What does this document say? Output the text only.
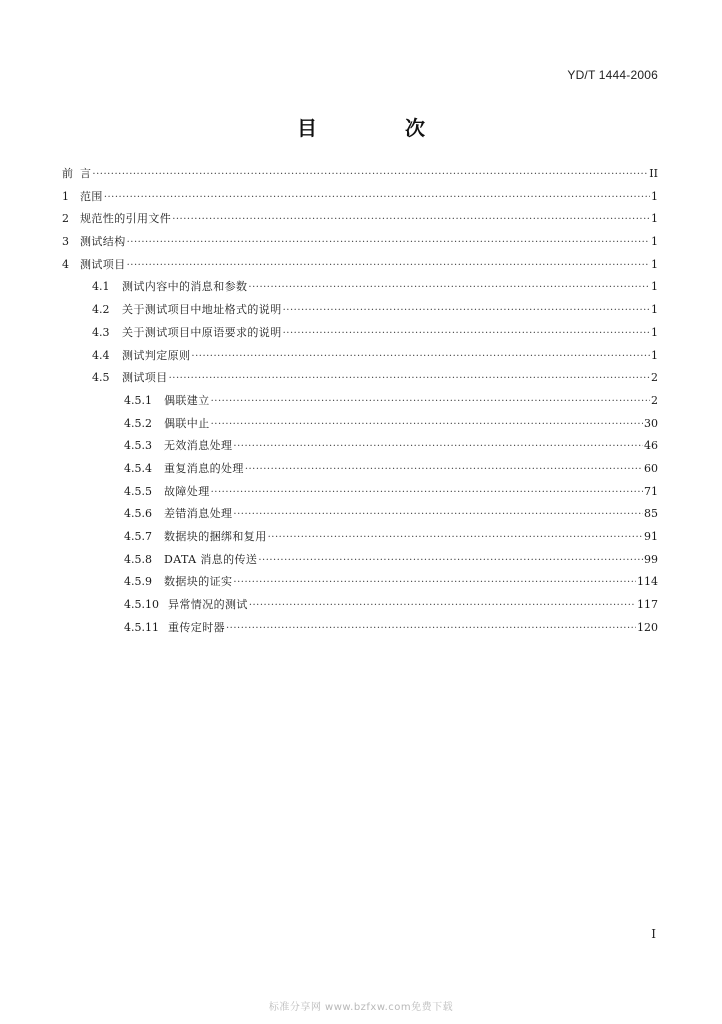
YD/T 1444-2006
目　次
前 言 ·····	II
1	范围 ·····	1
2	规范性的引用文件 ·····	1
3	测试结构 ·····	1
4	测试项目 ·····	1
4.1	测试内容中的消息和参数 ·····	1
4.2	关于测试项目中地址格式的说明 ·····	1
4.3	关于测试项目中原语要求的说明 ·····	1
4.4	测试判定原则 ·····	1
4.5	测试项目 ·····	2
4.5.1	偶联建立 ·····	2
4.5.2	偶联中止 ·····	30
4.5.3	无效消息处理 ·····	46
4.5.4	重复消息的处理 ·····	60
4.5.5	故障处理 ·····	71
4.5.6	差错消息处理 ·····	85
4.5.7	数据块的捆绑和复用 ·····	91
4.5.8	DATA 消息的传送 ·····	99
4.5.9	数据块的证实 ·····	114
4.5.10 异常情况的测试 ·····	117
4.5.11 重传定时器 ·····	120
I
标准分享网 www.bzfxw.com免费下载
